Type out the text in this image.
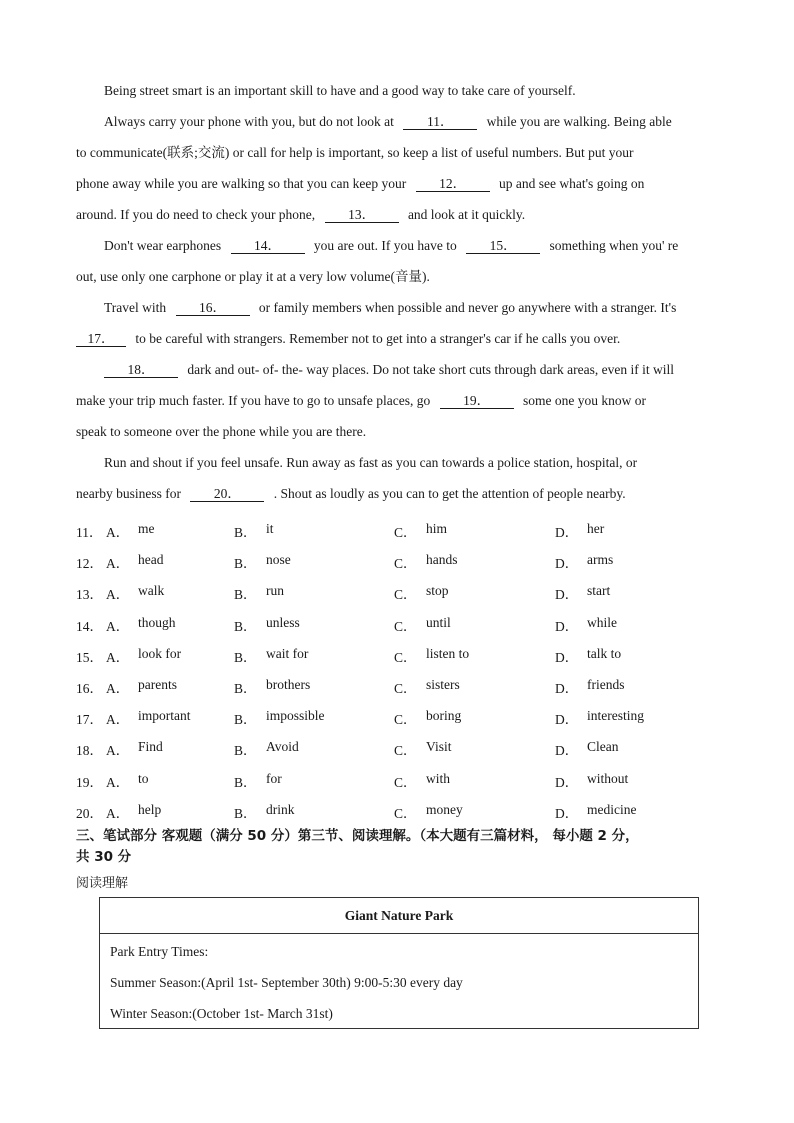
Being street smart is an important skill to have and a good way to take care of yourself.
Always carry your phone with you, but do not look at 11． while you are walking. Being able
to communicate(联系;交流) or call for help is important, so keep a list of useful numbers. But put your
phone away while you are walking so that you can keep your 12． up and see what's going on
around. If you do need to check your phone, 13． and look at it quickly.
Don't wear earphones 14． you are out. If you have to 15． something when you' re
out, use only one carphone or play it at a very low volume(音量).
Travel with 16． or family members when possible and never go anywhere with a stranger. It's
17． to be careful with strangers. Remember not to get into a stranger's car if he calls you over.
18． dark and out- of- the- way places. Do not take short cuts through dark areas, even if it will
make your trip much faster. If you have to go to unsafe places, go 19． some one you know or
speak to someone over the phone while you are there.
Run and shout if you feel unsafe. Run away as fast as you can towards a police station, hospital, or
nearby business for 20． . Shout as loudly as you can to get the attention of people nearby.
11． A． me	B． it	C． him	D． her
12． A． head	B． nose	C． hands	D． arms
13． A． walk	B． run	C． stop	D． start
14． A． though	B． unless	C． until	D． while
15． A． look for	B． wait for	C． listen to	D． talk to
16． A． parents	B． brothers	C． sisters	D． friends
17． A． important	B． impossible	C． boring	D． interesting
18． A． Find	B． Avoid	C． Visit	D． Clean
19． A． to	B． for	C． with	D． without
20． A． help	B． drink	C． money	D． medicine
三、笔试部分 客观题（满分 50 分）第三节、阅读理解。（本大题有三篇材料， 每小题 2 分，
共 30 分
阅读理解
Giant Nature Park
Park Entry Times:
Summer Season:(April 1st- September 30th) 9:00-5:30 every day
Winter Season:(October 1st- March 31st)
